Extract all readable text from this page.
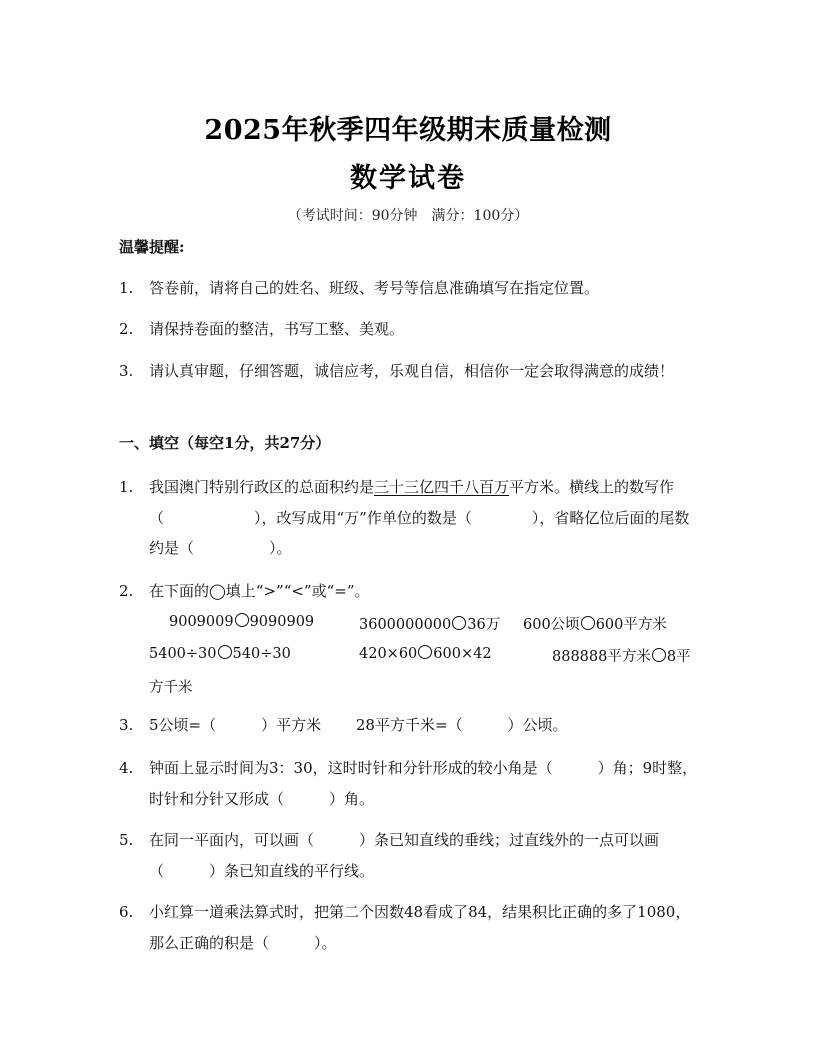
2025年秋季四年级期末质量检测
数学试卷
（考试时间：90分钟　满分：100分）
温馨提醒:
1.	答卷前，请将自己的姓名、班级、考号等信息准确填写在指定位置。
2.	请保持卷面的整洁，书写工整、美观。
3.	请认真审题，仔细答题，诚信应考，乐观自信，相信你一定会取得满意的成绩！
一、填空（每空1分，共27分）
1.	我国澳门特别行政区的总面积约是三十三亿四千八百万平方米。横线上的数写作（　　　　　　），改写成用“万”作单位的数是（　　　　），省略亿位后面的尾数约是（　　　　　）。
2.	在下面的◯填上“>”“<”或“=”。
9009009 9090909	3600000000 36万 600公顷 600平方米
5400÷30 540÷30	420×60 600×42	888888平方米 8平
方千米
3.	5公顷=（　　　）平方米　　 28平方千米=（　　　）公顷。
4.	钟面上显示时间为3：30，这时时针和分针形成的较小角是（　　　）角；9时整，时针和分针又形成（　　　）角。
5.	在同一平面内，可以画（　　　）条已知直线的垂线；过直线外的一点可以画（　　　）条已知直线的平行线。
6.	小红算一道乘法算式时，把第二个因数48看成了84，结果积比正确的多了1080，那么正确的积是（　　　）。
